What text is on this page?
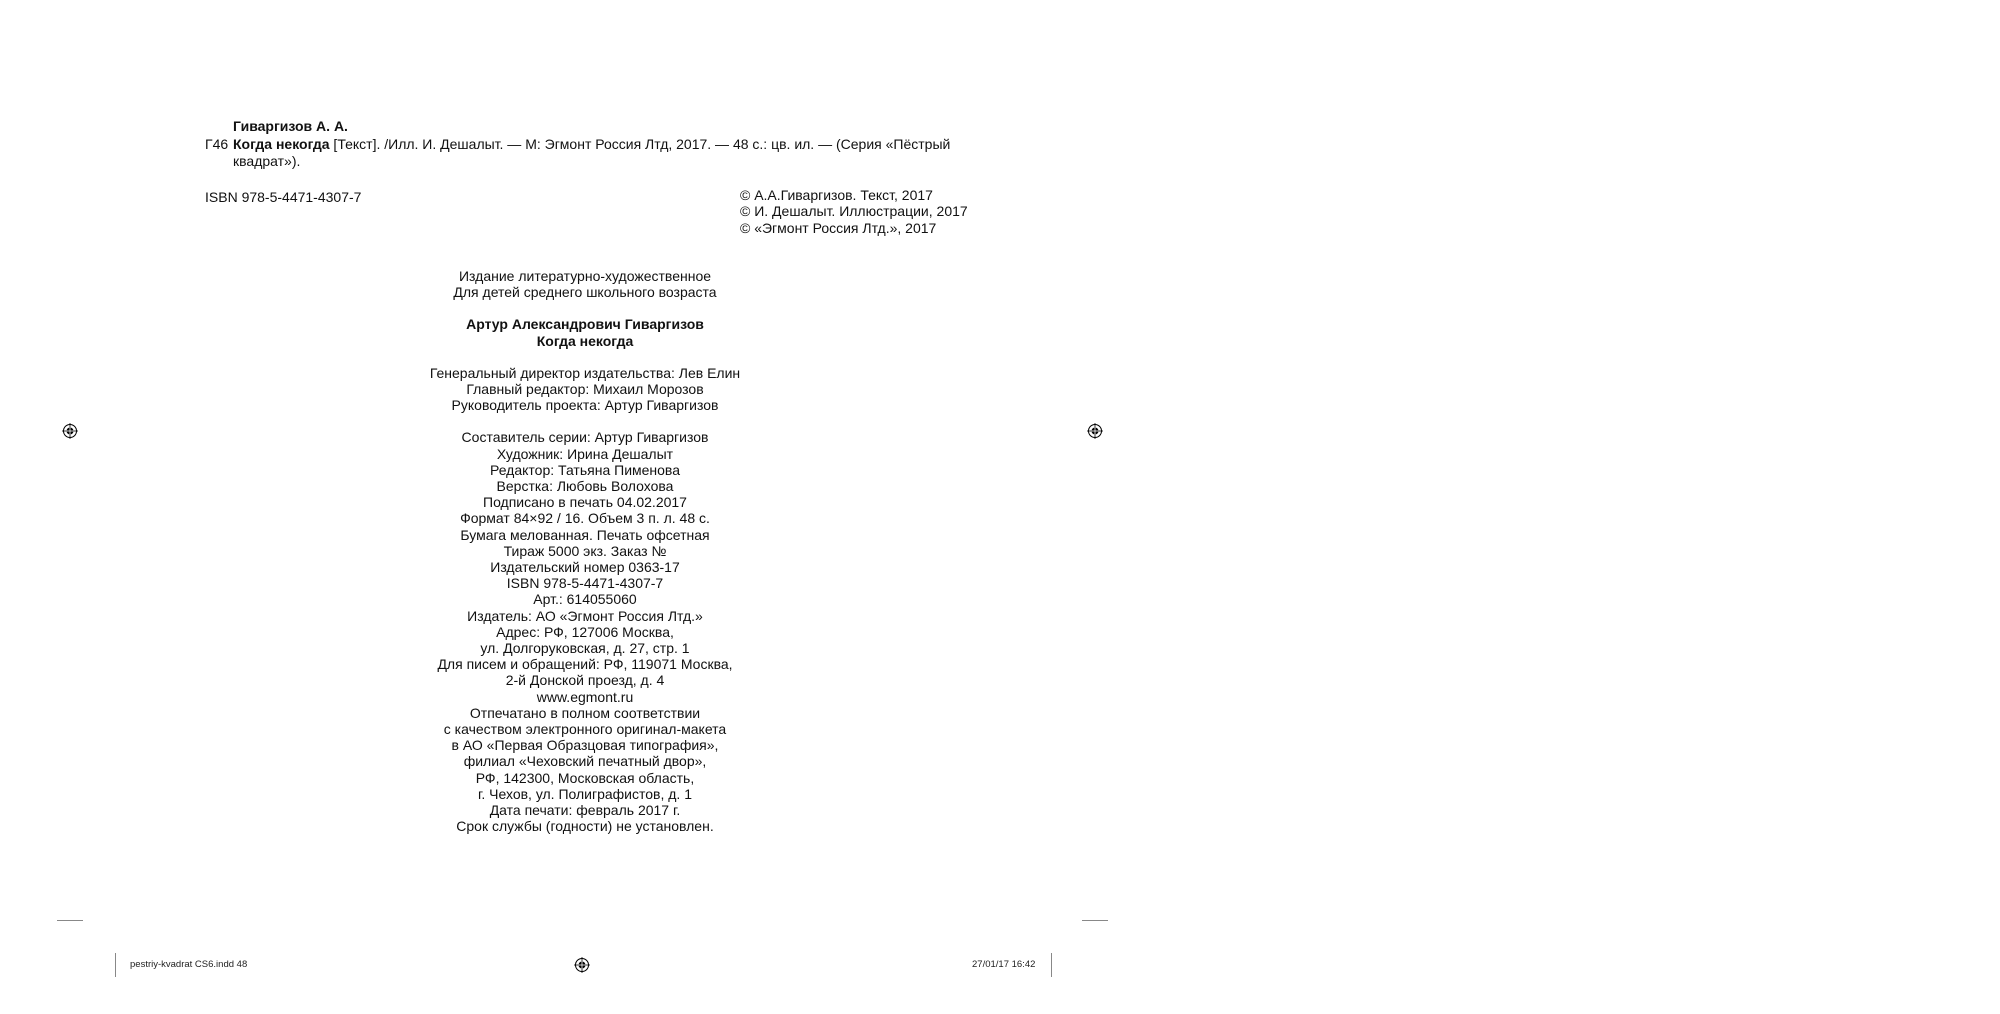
Гиваргизов А. А.
Г46 Когда некогда [Текст]. /Илл. И. Дешалыт. — М: Эгмонт Россия Лтд, 2017. — 48 с.: цв. ил. — (Серия «Пёстрый
квадрат»).
ISBN 978-5-4471-4307-7	© А.А.Гиваргизов. Текст, 2017
© И. Дешалыт. Иллюстрации, 2017
© «Эгмонт Россия Лтд.», 2017
Издание литературно-художественное
Для детей среднего школьного возраста
Артур Александрович Гиваргизов
Когда некогда
Генеральный директор издательства: Лев Елин
Главный редактор: Михаил Морозов
Руководитель проекта: Артур Гиваргизов
Составитель серии: Артур Гиваргизов
Художник: Ирина Дешалыт
Редактор: Татьяна Пименова
Верстка: Любовь Волохова
Подписано в печать 04.02.2017
Формат 84×92 / 16. Объем 3 п. л. 48 с.
Бумага мелованная. Печать офсетная
Тираж 5000 экз. Заказ №
Издательский номер 0363-17
ISBN 978-5-4471-4307-7
Арт.: 614055060
Издатель: АО «Эгмонт Россия Лтд.»
Адрес: РФ, 127006 Москва,
ул. Долгоруковская, д. 27, стр. 1
Для писем и обращений: РФ, 119071 Москва,
2-й Донской проезд, д. 4
www.egmont.ru
Отпечатано в полном соответствии
с качеством электронного оригинал-макета
в АО «Первая Образцовая типография»,
филиал «Чеховский печатный двор»,
РФ, 142300, Московская область,
г. Чехов, ул. Полиграфистов, д. 1
Дата печати: февраль 2017 г.
Срок службы (годности) не установлен.
pestriy-kvadrat CS6.indd 48	27/01/17 16:42
